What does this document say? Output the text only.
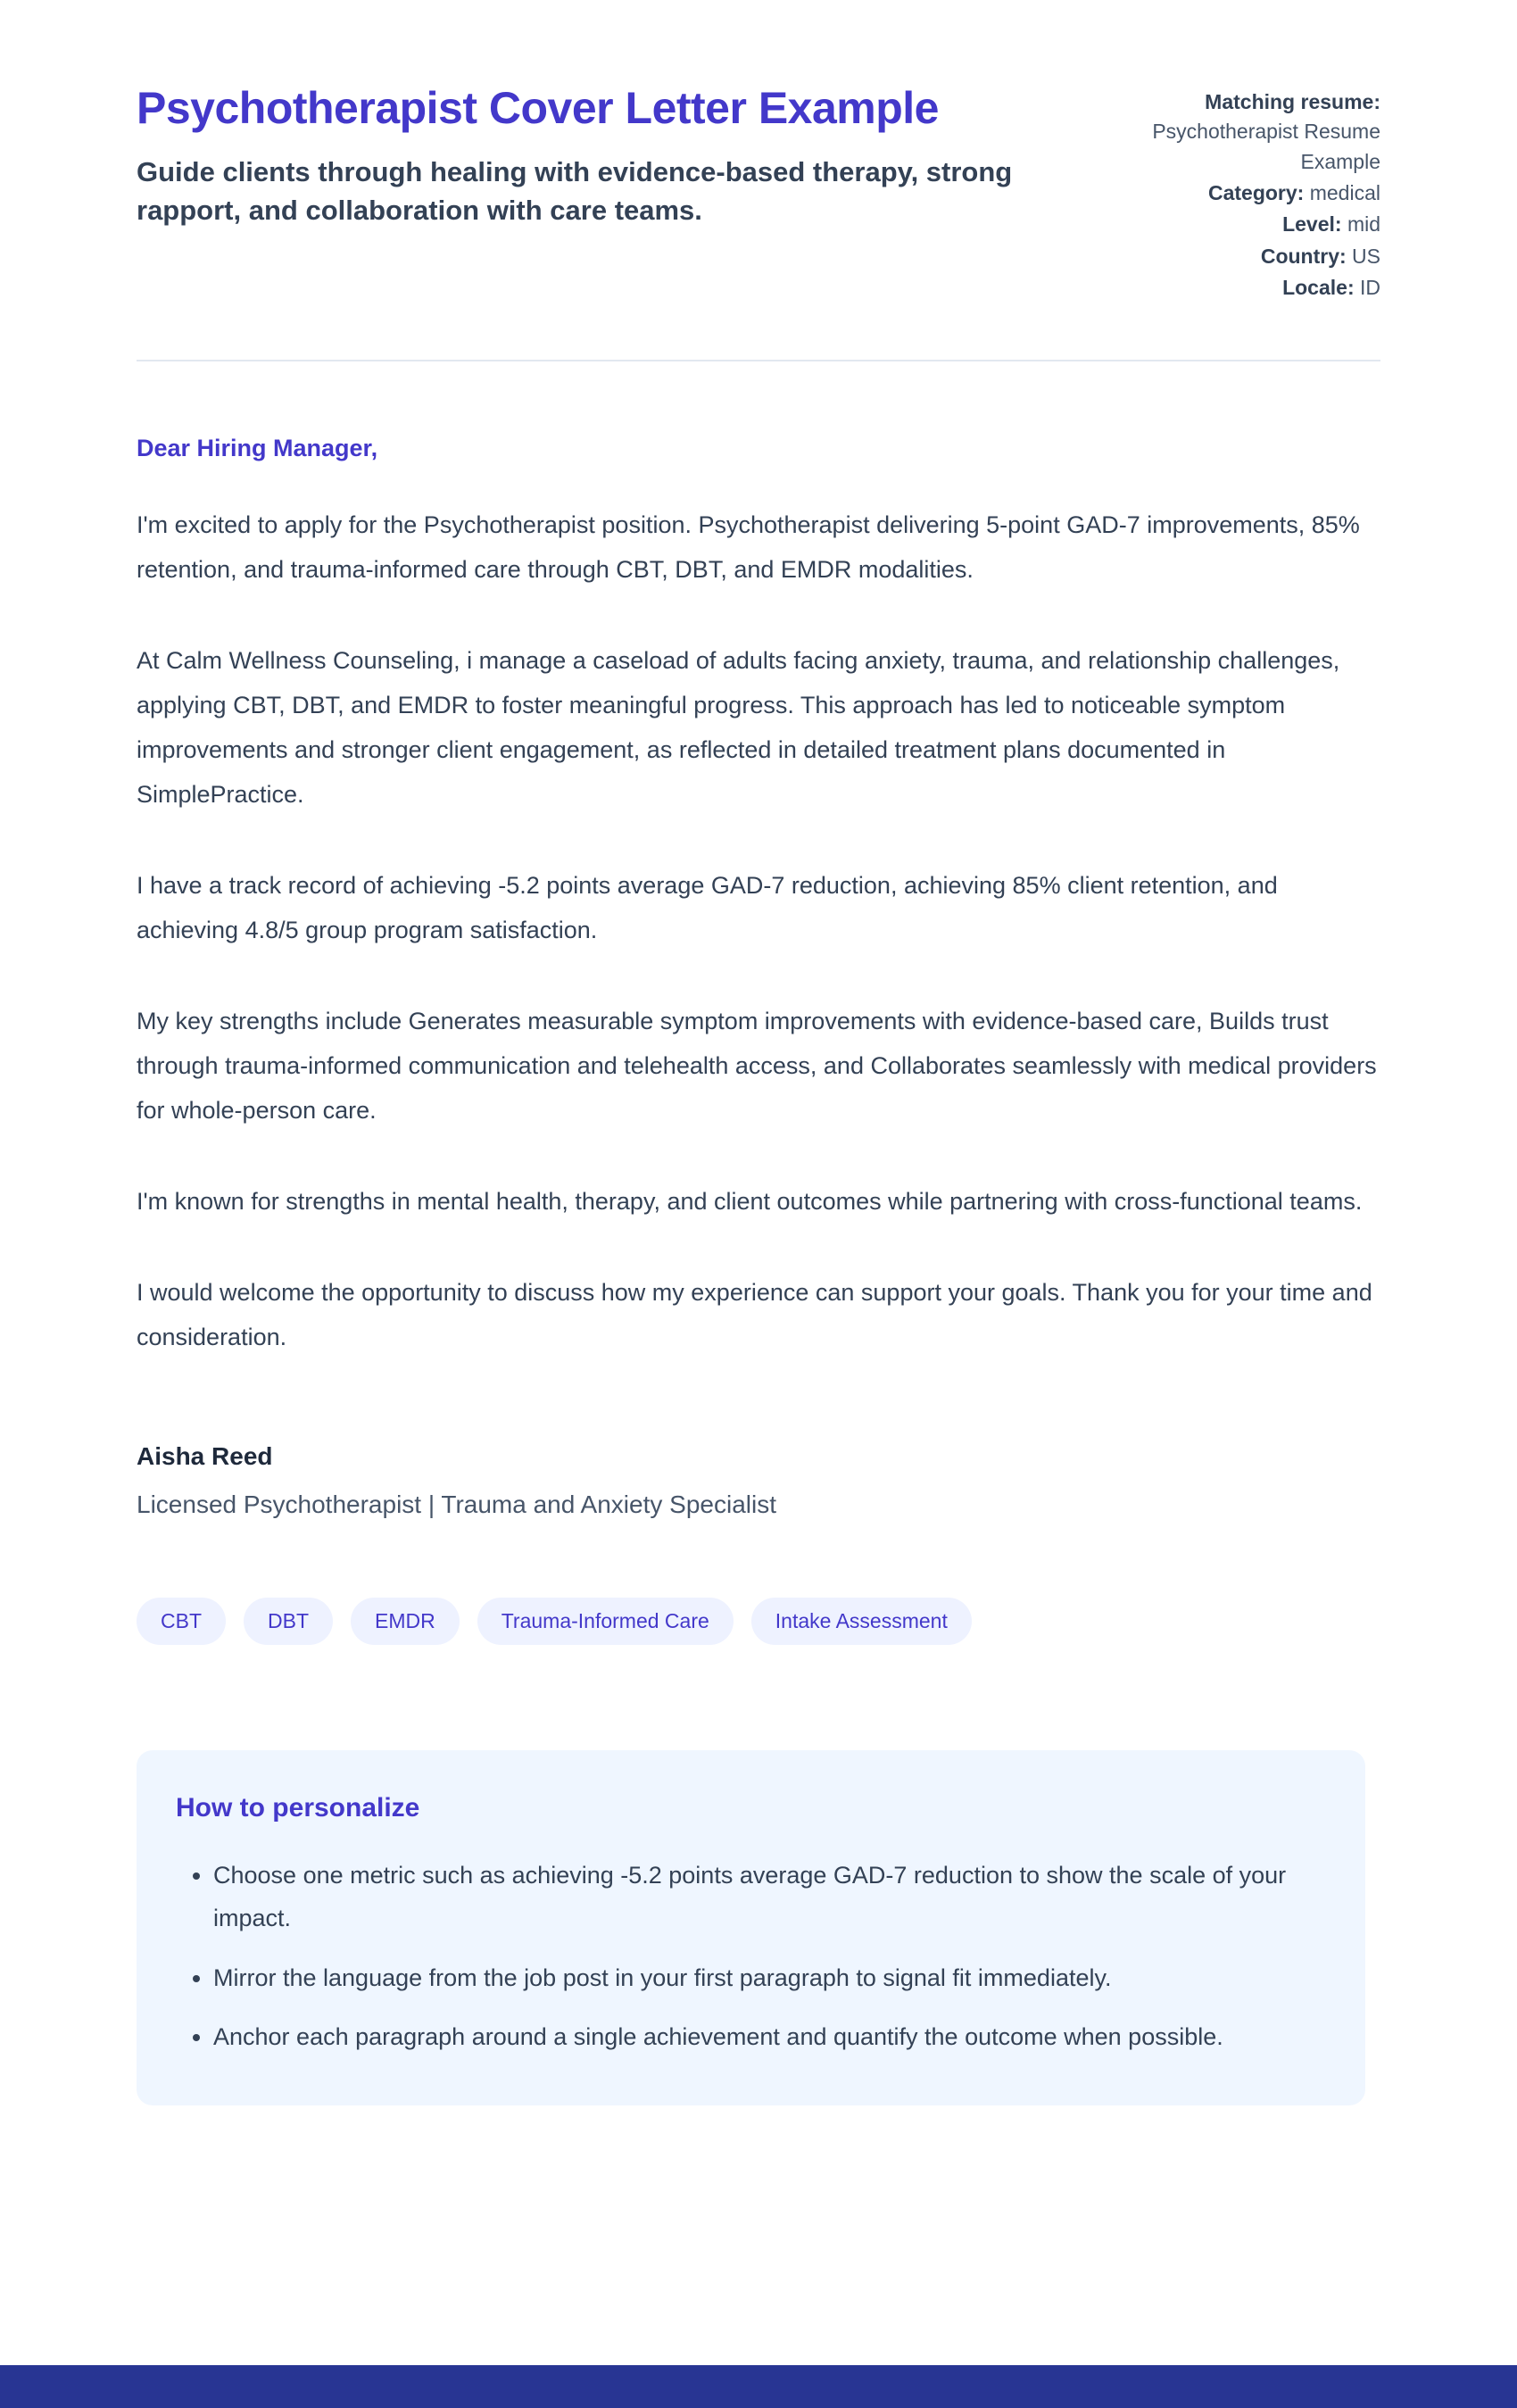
Psychotherapist Cover Letter Example
Guide clients through healing with evidence-based therapy, strong rapport, and collaboration with care teams.
Matching resume: Psychotherapist Resume Example
Category: medical
Level: mid
Country: US
Locale: ID

Dear Hiring Manager,

I'm excited to apply for the Psychotherapist position. Psychotherapist delivering 5-point GAD-7 improvements, 85% retention, and trauma-informed care through CBT, DBT, and EMDR modalities.

At Calm Wellness Counseling, i manage a caseload of adults facing anxiety, trauma, and relationship challenges, applying CBT, DBT, and EMDR to foster meaningful progress. This approach has led to noticeable symptom improvements and stronger client engagement, as reflected in detailed treatment plans documented in SimplePractice.

I have a track record of achieving -5.2 points average GAD-7 reduction, achieving 85% client retention, and achieving 4.8/5 group program satisfaction.

My key strengths include Generates measurable symptom improvements with evidence-based care, Builds trust through trauma-informed communication and telehealth access, and Collaborates seamlessly with medical providers for whole-person care.

I'm known for strengths in mental health, therapy, and client outcomes while partnering with cross-functional teams.

I would welcome the opportunity to discuss how my experience can support your goals. Thank you for your time and consideration.

Aisha Reed
Licensed Psychotherapist | Trauma and Anxiety Specialist
CBT	DBT	EMDR	Trauma-Informed Care	Intake Assessment
How to personalize
• Choose one metric such as achieving -5.2 points average GAD-7 reduction to show the scale of your impact.
• Mirror the language from the job post in your first paragraph to signal fit immediately.
• Anchor each paragraph around a single achievement and quantify the outcome when possible.
